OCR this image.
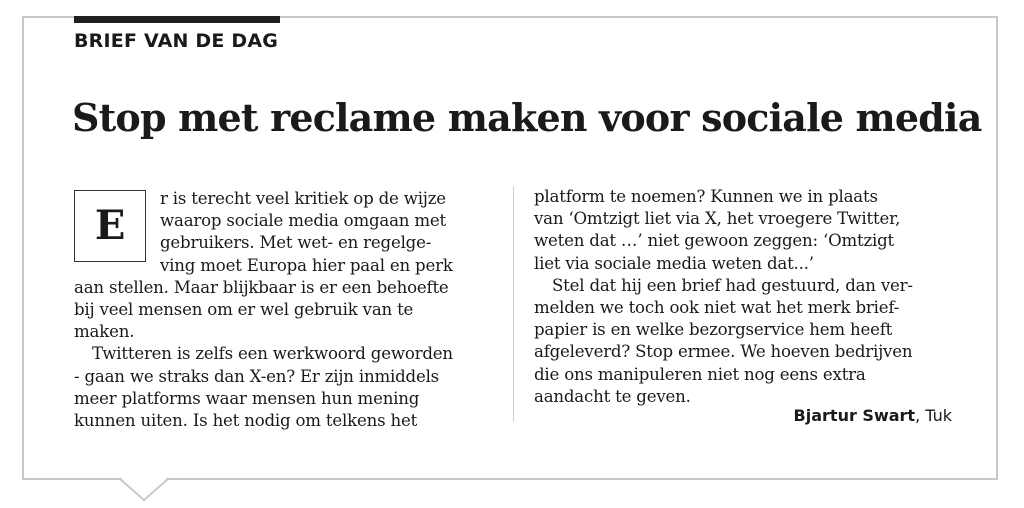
BRIEF VAN DE DAG
Stop met reclame maken voor sociale media
E
r is terecht veel kritiek op de wijze
waarop sociale media omgaan met
gebruikers. Met wet- en regelge-
ving moet Europa hier paal en perk
aan stellen. Maar blijkbaar is er een behoefte
bij veel mensen om er wel gebruik van te
maken.
Twitteren is zelfs een werkwoord geworden
- gaan we straks dan X-en? Er zijn inmiddels
meer platforms waar mensen hun mening
kunnen uiten. Is het nodig om telkens het
platform te noemen? Kunnen we in plaats
van ‘Omtzigt liet via X, het vroegere Twitter,
weten dat …’ niet gewoon zeggen: ‘Omtzigt
liet via sociale media weten dat...’
Stel dat hij een brief had gestuurd, dan ver-
melden we toch ook niet wat het merk brief-
papier is en welke bezorgservice hem heeft
afgeleverd? Stop ermee. We hoeven bedrijven
die ons manipuleren niet nog eens extra
aandacht te geven.
Bjartur Swart, Tuk
